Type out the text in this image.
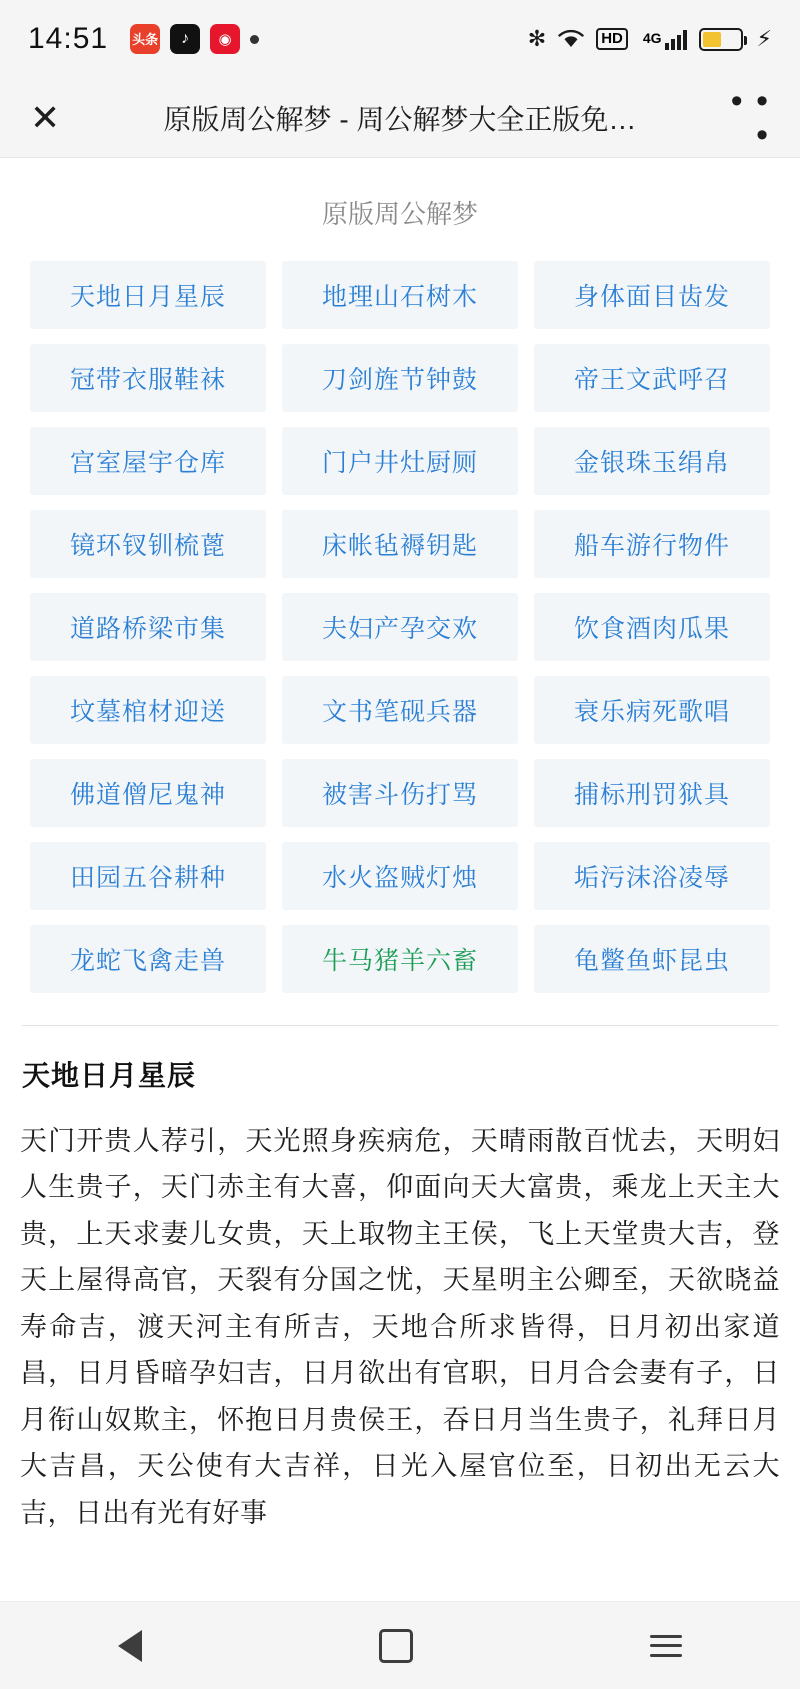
14:51 头条	♪	◉	✻	HD	4G	⚡
✕	原版周公解梦 - 周公解梦大全正版免…	• • •
原版周公解梦
天地日月星辰	地理山石树木	身体面目齿发
冠带衣服鞋袜	刀剑旌节钟鼓	帝王文武呼召
宫室屋宇仓库	门户井灶厨厕	金银珠玉绢帛
镜环钗钏梳蓖	床帐毡褥钥匙	船车游行物件
道路桥梁市集	夫妇产孕交欢	饮食酒肉瓜果
坟墓棺材迎送	文书笔砚兵器	衰乐病死歌唱
佛道僧尼鬼神	被害斗伤打骂	捕标刑罚狱具
田园五谷耕种	水火盗贼灯烛	垢污沫浴凌辱
龙蛇飞禽走兽	牛马猪羊六畜	龟鳖鱼虾昆虫
天地日月星辰

天门开贵人荐引，天光照身疾病危，天晴雨散百忧去，天明妇人生贵子，天门赤主有大喜，仰面向天大富贵，乘龙上天主大贵，上天求妻儿女贵，天上取物主王侯，飞上天堂贵大吉，登天上屋得高官，天裂有分国之忧，天星明主公卿至，天欲晓益寿命吉，渡天河主有所吉，天地合所求皆得，日月初出家道昌，日月昏暗孕妇吉，日月欲出有官职，日月合会妻有子，日月衔山奴欺主，怀抱日月贵侯王，吞日月当生贵子，礼拜日月大吉昌，天公使有大吉祥，日光入屋官位至，日初出无云大吉，日出有光有好事
